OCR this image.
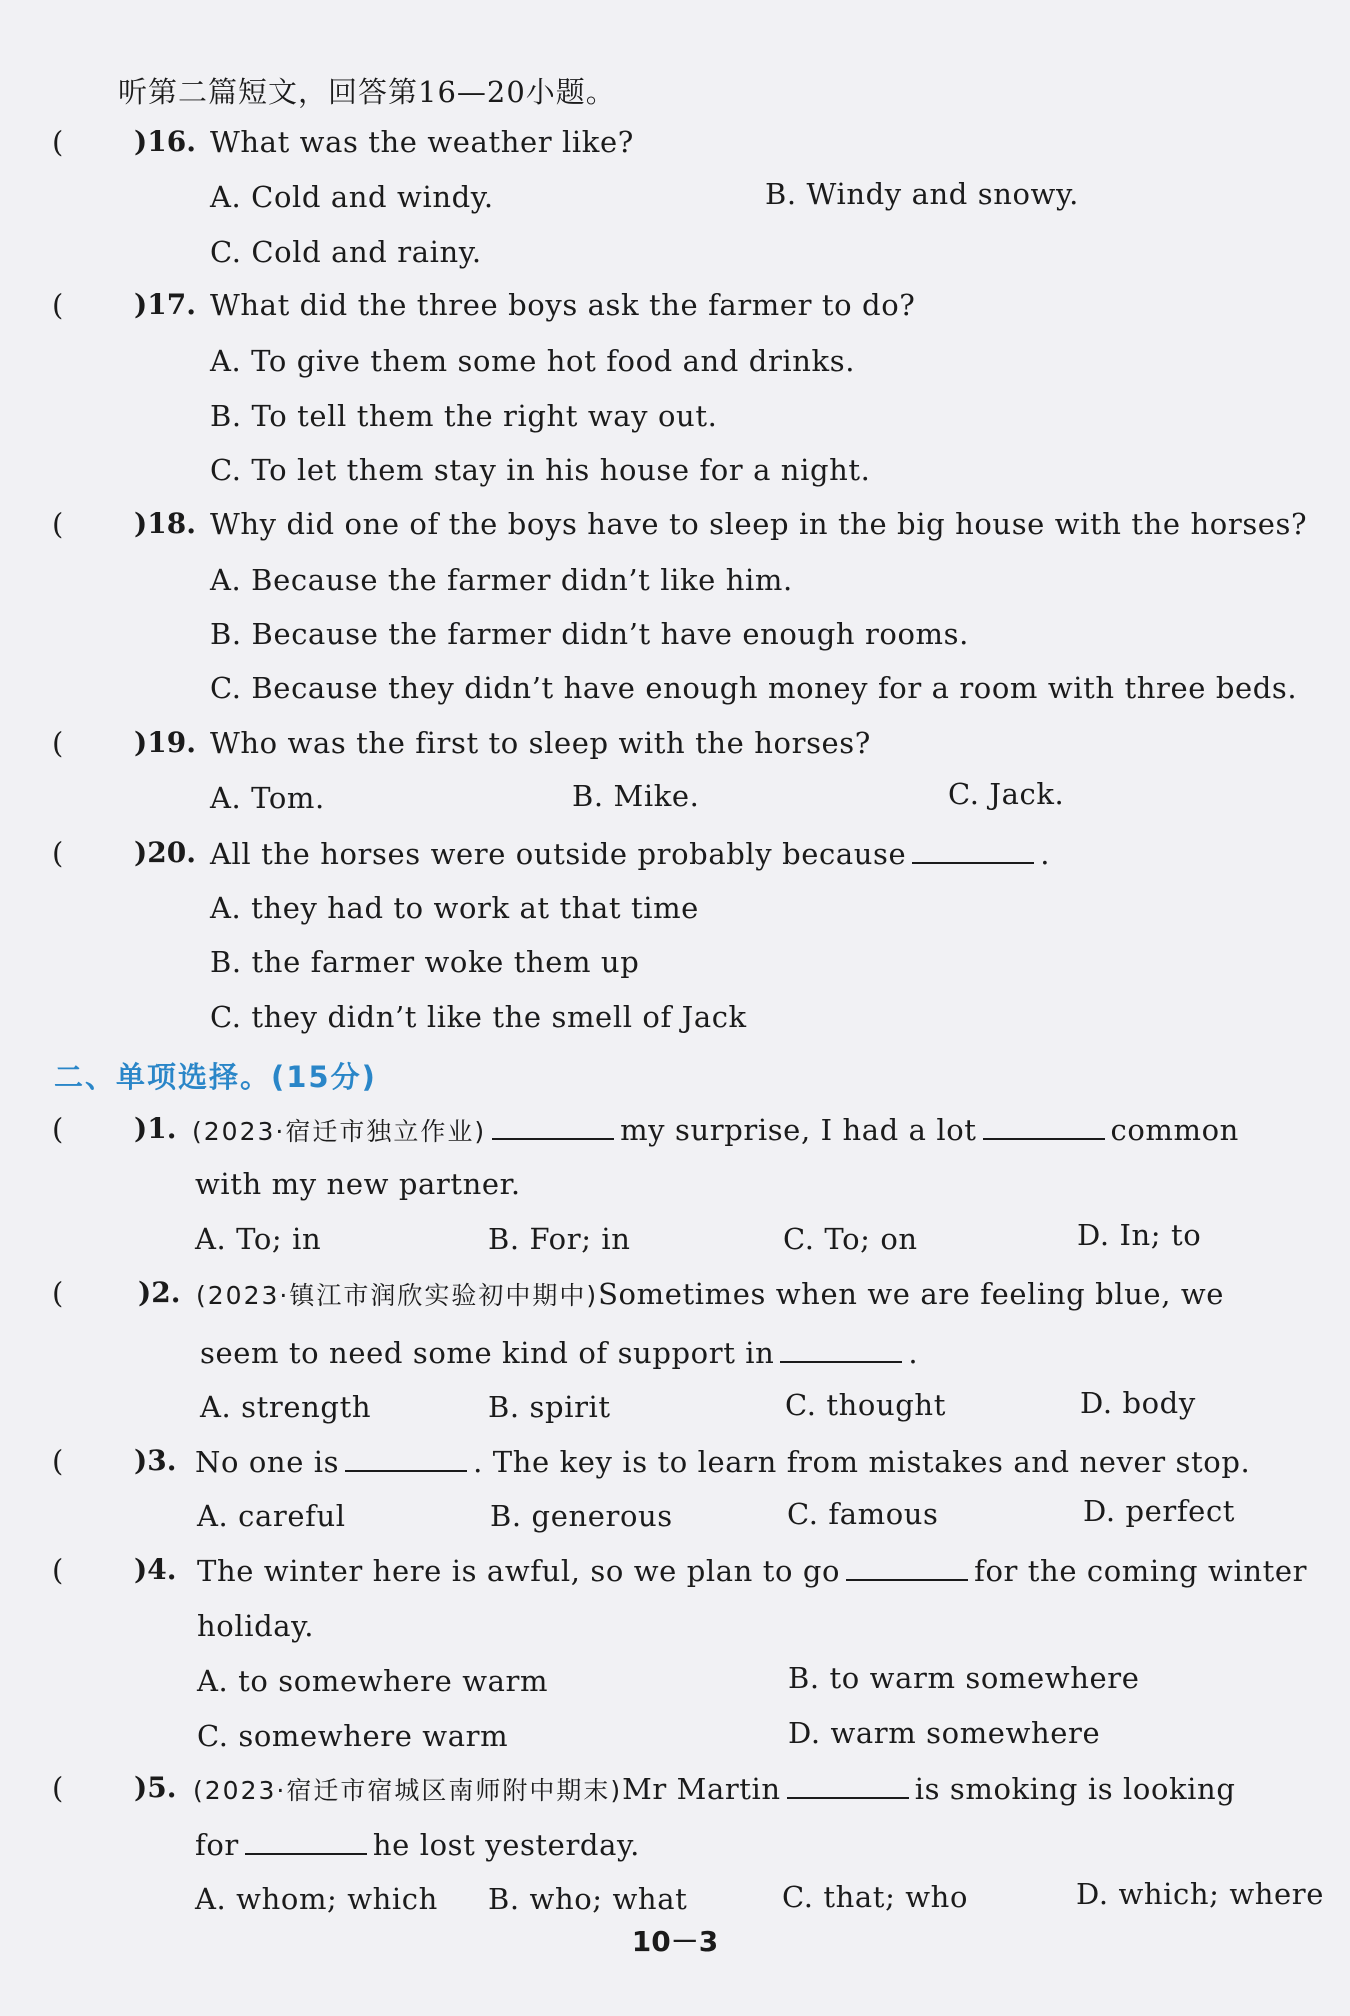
听第二篇短文，回答第16—20小题。
(	)16. What was the weather like?
A. Cold and windy.	B. Windy and snowy.
C. Cold and rainy.
(	)17. What did the three boys ask the farmer to do?
A. To give them some hot food and drinks.
B. To tell them the right way out.
C. To let them stay in his house for a night.
(	)18. Why did one of the boys have to sleep in the big house with the horses?
A. Because the farmer didn’t like him.
B. Because the farmer didn’t have enough rooms.
C. Because they didn’t have enough money for a room with three beds.
(	)19. Who was the first to sleep with the horses?
A. Tom.	B. Mike.	C. Jack.
(	)20. All the horses were outside probably because	.
A. they had to work at that time
B. the farmer woke them up
C. they didn’t like the smell of Jack
二、单项选择。(15分)
(	)1. (2023·宿迁市独立作业)	my surprise, I had a lot	common
with my new partner.
A. To; in	B. For; in	C. To; on	D. In; to
(	)2. (2023·镇江市润欣实验初中期中)Sometimes when we are feeling blue, we
seem to need some kind of support in	.
A. strength	B. spirit	C. thought	D. body
(	)3. No one is	. The key is to learn from mistakes and never stop.
A. careful	B. generous	C. famous	D. perfect
(	)4. The winter here is awful, so we plan to go	for the coming winter
holiday.
A. to somewhere warm	B. to warm somewhere
C. somewhere warm	D. warm somewhere
(	)5. (2023·宿迁市宿城区南师附中期末)Mr Martin	is smoking is looking
for	he lost yesterday.
A. whom; which B. who; what	C. that; who	D. which; where
10－3
